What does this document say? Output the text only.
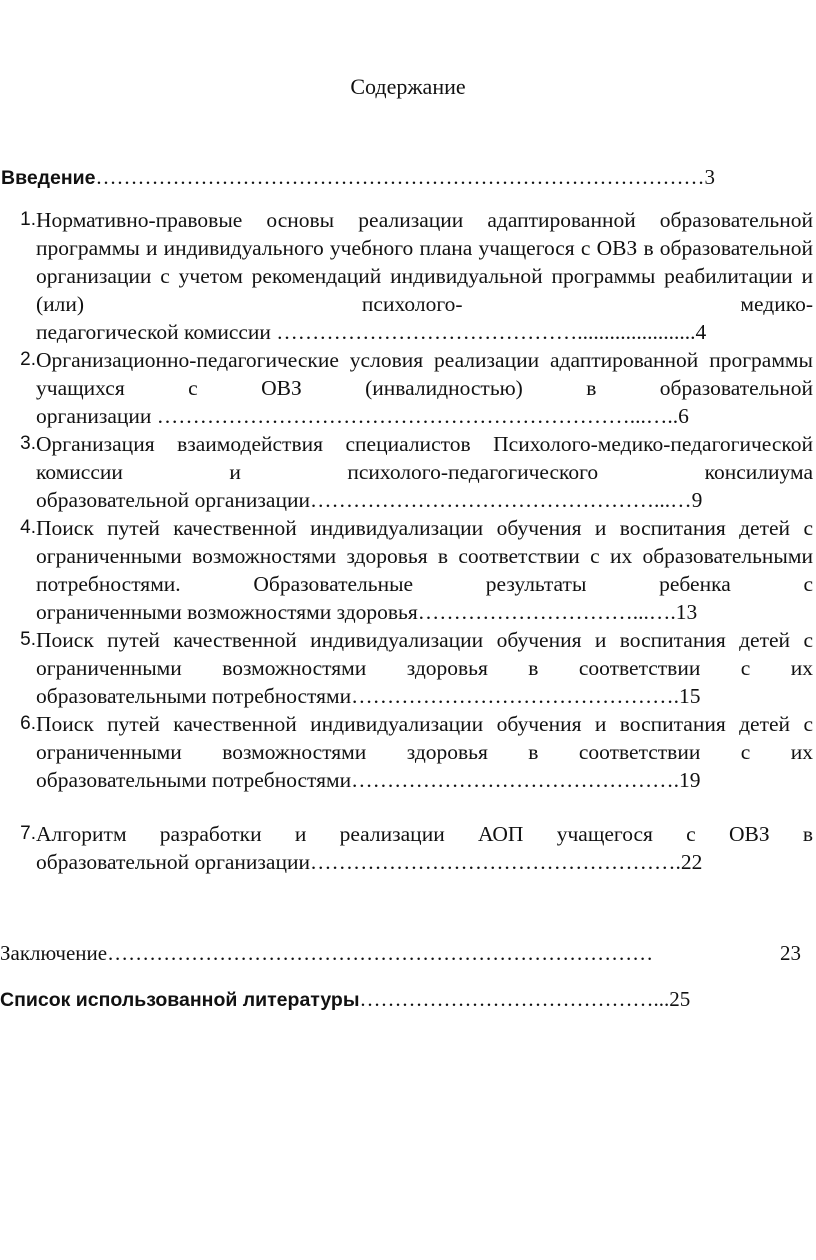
Содержание
Введение……………………………………………………………………………3
1. Нормативно-правовые основы реализации адаптированной образовательной программы и индивидуального учебного плана учащегося с ОВЗ в образовательной организации с учетом рекомендаций индивидуальной программы реабилитации и (или) психолого- медико-
педагогической комиссии ……………………………………......................4
2. Организационно-педагогические условия реализации адаптированной программы учащихся с ОВЗ (инвалидностью) в образовательной
организации …………………………………………………………...…..6
3. Организация взаимодействия специалистов Психолого-медико-педагогической комиссии и психолого-педагогического консилиума
образовательной организации…………………………………………...…9
4. Поиск путей качественной индивидуализации обучения и воспитания детей с ограниченными возможностями здоровья в соответствии с их образовательными потребностями. Образовательные результаты ребенка с
ограниченными возможностями здоровья…………………………...….13
5. Поиск путей качественной индивидуализации обучения и воспитания детей с ограниченными возможностями здоровья в соответствии с их
образовательными потребностями……………………………………….15
6. Поиск путей качественной индивидуализации обучения и воспитания детей с ограниченными возможностями здоровья в соответствии с их
образовательными потребностями……………………………………….19
7. Алгоритм разработки и реализации АОП учащегося с ОВЗ в
образовательной организации…………………………………………….22
Заключение……………………………………………………………………	23
Список использованной литературы……………………………………...25
